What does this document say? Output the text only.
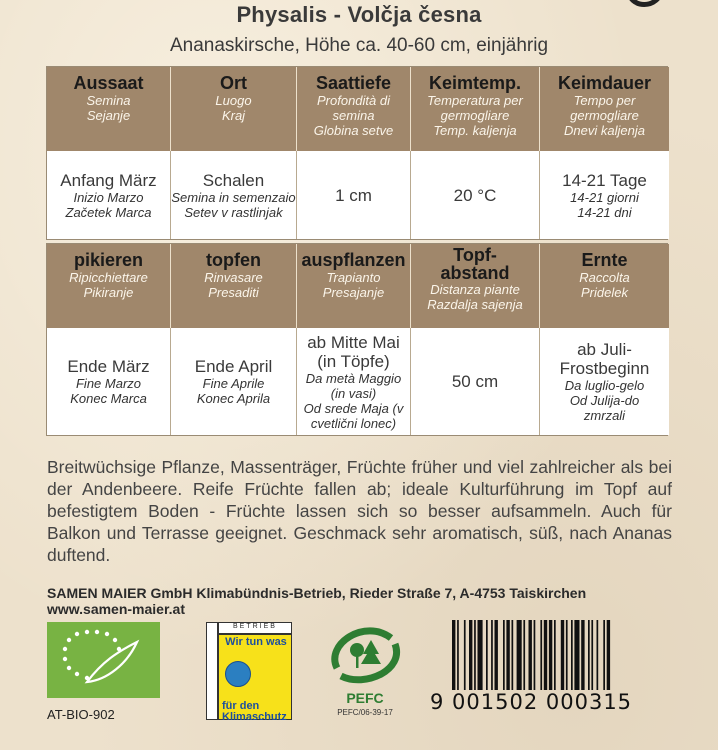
Physalis - Volčja česna
Ananaskirsche, Höhe ca. 40-60 cm, einjährig
Aussaat
Semina
Sejanje
Ort
Luogo
Kraj
Saattiefe
Profondità di semina
Globina setve
Keimtemp.
Temperatura per germogliare
Temp. kaljenja
Keimdauer
Tempo per germogliare
Dnevi kaljenja
Anfang März
Inizio Marzo
Začetek Marca
Schalen
Semina in semenzaio
Setev v rastlinjak
1 cm	20 °C
14-21 Tage
14-21 giorni
14-21 dni
pikieren
Ripicchiettare
Pikiranje
topfen
Rinvasare
Presaditi
auspflanzen
Trapianto
Presajanje
Topf-abstand
Distanza piante
Razdalja sajenja
Ernte
Raccolta
Pridelek
Ende März
Fine Marzo
Konec Marca
Ende April
Fine Aprile
Konec Aprila
ab Mitte Mai (in Töpfe)
Da metà Maggio (in vasi)
Od srede Maja (v cvetlični lonec)
50 cm
ab Juli-Frostbeginn
Da luglio-gelo
Od Julija-do zmrzali
Breitwüchsige Pflanze, Massenträger, Früchte früher und viel zahlreicher als bei der Andenbeere. Reife Früchte fallen ab; ideale Kulturführung im Topf auf befestigtem Boden - Früchte lassen sich so besser aufsammeln. Auch für Balkon und Terrasse geeignet. Geschmack sehr aromatisch, süß, nach Ananas duftend.
SAMEN MAIER GmbH Klimabündnis-Betrieb, Rieder Straße 7, A-4753 Taiskirchen
www.samen-maier.at
AT-BIO-902
BETRIEB
Wir tun was
für den Klimaschutz
PEFC
PEFC/06-39-17	9 001502 000315
